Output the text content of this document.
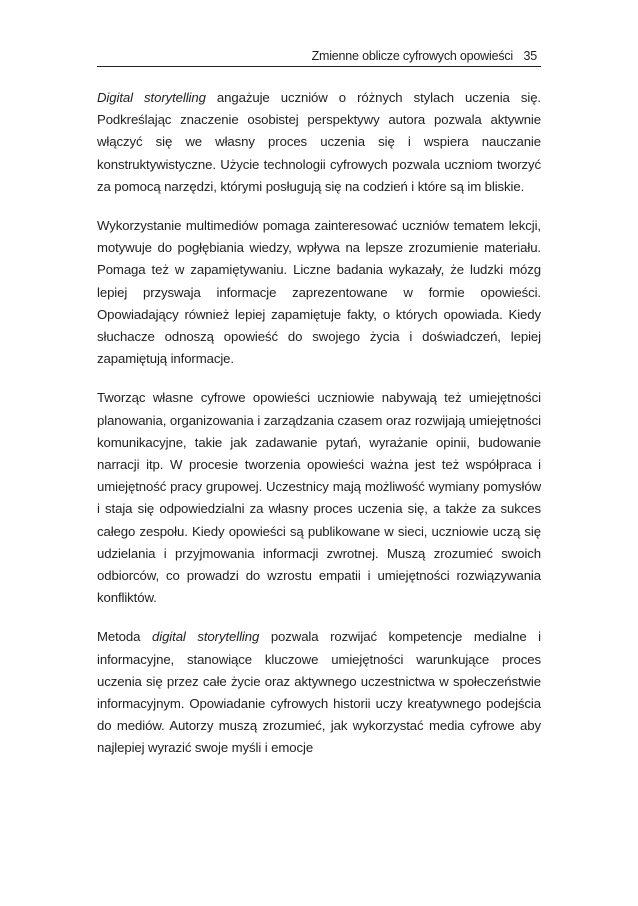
Zmienne oblicze cyfrowych opowieści 35

Digital storytelling angażuje uczniów o różnych stylach uczenia się. Podkreślając znaczenie osobistej perspektywy autora pozwala aktywnie włączyć się we własny proces uczenia się i wspiera nauczanie konstruktywistyczne. Użycie technologii cyfrowych pozwala uczniom tworzyć za pomocą narzędzi, którymi posługują się na codzień i które są im bliskie.

Wykorzystanie multimediów pomaga zainteresować uczniów tematem lekcji, motywuje do pogłębiania wiedzy, wpływa na lepsze zrozumienie materiału. Pomaga też w zapamiętywaniu. Liczne badania wykazały, że ludzki mózg lepiej przyswaja informacje zaprezentowane w formie opowieści. Opowiadający również lepiej zapamiętuje fakty, o których opowiada. Kiedy słuchacze odnoszą opowieść do swojego życia i doświadczeń, lepiej zapamiętują informacje.

Tworząc własne cyfrowe opowieści uczniowie nabywają też umiejętności planowania, organizowania i zarządzania czasem oraz rozwijają umiejętności komunikacyjne, takie jak zadawanie pytań, wyrażanie opinii, budowanie narracji itp. W procesie tworzenia opowieści ważna jest też współpraca i umiejętność pracy grupowej. Uczestnicy mają możliwość wymiany pomysłów i staja się odpowiedzialni za własny proces uczenia się, a także za sukces całego zespołu. Kiedy opowieści są publikowane w sieci, uczniowie uczą się udzielania i przyjmowania informacji zwrotnej. Muszą zrozumieć swoich odbiorców, co prowadzi do wzrostu empatii i umiejętności rozwiązywania konfliktów.

Metoda digital storytelling pozwala rozwijać kompetencje medialne i informacyjne, stanowiące kluczowe umiejętności warunkujące proces uczenia się przez całe życie oraz aktywnego uczestnictwa w społeczeństwie informacyjnym. Opowiadanie cyfrowych historii uczy kreatywnego podejścia do mediów. Autorzy muszą zrozumieć, jak wykorzystać media cyfrowe aby najlepiej wyrazić swoje myśli i emocje
